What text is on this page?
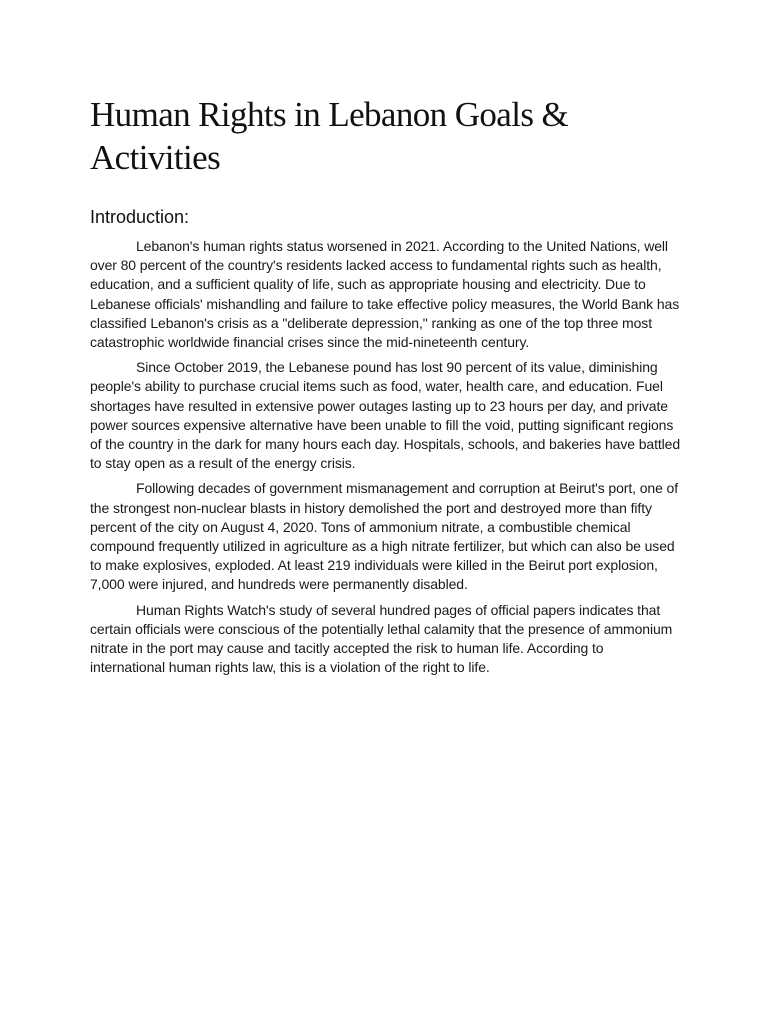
Human Rights in Lebanon Goals & Activities
Introduction:

Lebanon's human rights status worsened in 2021. According to the United Nations, well over 80 percent of the country's residents lacked access to fundamental rights such as health, education, and a sufficient quality of life, such as appropriate housing and electricity. Due to Lebanese officials' mishandling and failure to take effective policy measures, the World Bank has classified Lebanon's crisis as a "deliberate depression," ranking as one of the top three most catastrophic worldwide financial crises since the mid-nineteenth century.

Since October 2019, the Lebanese pound has lost 90 percent of its value, diminishing people's ability to purchase crucial items such as food, water, health care, and education. Fuel shortages have resulted in extensive power outages lasting up to 23 hours per day, and private power sources expensive alternative have been unable to fill the void, putting significant regions of the country in the dark for many hours each day. Hospitals, schools, and bakeries have battled to stay open as a result of the energy crisis.

Following decades of government mismanagement and corruption at Beirut's port, one of the strongest non-nuclear blasts in history demolished the port and destroyed more than fifty percent of the city on August 4, 2020. Tons of ammonium nitrate, a combustible chemical compound frequently utilized in agriculture as a high nitrate fertilizer, but which can also be used to make explosives, exploded. At least 219 individuals were killed in the Beirut port explosion, 7,000 were injured, and hundreds were permanently disabled.

Human Rights Watch's study of several hundred pages of official papers indicates that certain officials were conscious of the potentially lethal calamity that the presence of ammonium nitrate in the port may cause and tacitly accepted the risk to human life. According to international human rights law, this is a violation of the right to life.
